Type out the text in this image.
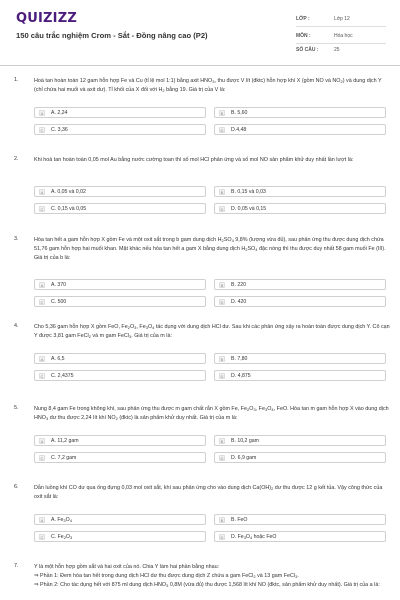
QUIZIZZ
150 câu trắc nghiệm Crom - Sắt - Đồng nâng cao (P2)
LỚP :	Lớp 12
MÔN :	Hóa học
SỐ CÂU :	25
1.	Hoà tan hoàn toàn 12 gam hỗn hợp Fe và Cu (tỉ lệ mol 1:1) bằng axit $HNO_3$, thu được V lít (đktc) hỗn hợp khí X (gồm NO và $NO_2$) và dung dịch Y (chỉ chứa hai muối và axit dư). Tỉ khối của X đối với $H_2$ bằng 19. Giá trị của V là:
A	A. 2,24	B	B. 5,60
C	C. 3,36	D	D.4,48
2.	Khi hoà tan hoàn toàn 0,05 mol Au bằng nước cường toan thì số mol HCl phản ứng và số mol NO sản phẩm khử duy nhất lần lượt là:
A	A. 0,05 và 0,02	B	B. 0,15 và 0,03
C	C. 0,15 và 0,05	D	D. 0,05 và 0,15
3.	Hòa tan hết a gam hỗn hợp X gồm Fe và một oxit sắt trong b gam dung dịch $H_2SO_4$ 9,8% (lượng vừa đủ), sau phản ứng thu được dung dịch chứa 51,76 gam hỗn hợp hai muối khan. Mặt khác nếu hòa tan hết a gam X bằng dung dịch $H_2SO_4$ đặc nóng thì thu được duy nhất 58 gam muối Fe (III). Giá trị của b là:
A	A. 370	B	B. 220
C	C. 500	D	D. 420
4.	Cho 5,36 gam hỗn hợp X gồm FeO, $Fe_2O_3$, $Fe_3O_4$ tác dụng với dung dịch HCl dư. Sau khi các phản ứng xảy ra hoàn toàn được dung dịch Y. Cô cạn Y được 3,81 gam FeCl$_2$ và m gam FeCl$_3$. Giá trị của m là:
A	A. 6,5	B	B. 7,80
C	C. 2,4375	D	D. 4,875
5.	Nung 8,4 gam Fe trong không khí, sau phản ứng thu được m gam chất rắn X gồm Fe, $Fe_2O_3$, $Fe_3O_4$, FeO. Hòa tan m gam hỗn hợp X vào dung dịch $HNO_3$ dư thu được 2,24 lít khí $NO_2$ (đktc) là sản phẩm khử duy nhất. Giá trị của m là:
A	A. 11,2 gam	B	B. 10,2 gam
C	C. 7,2 gam	D	D. 6,9 gam
6.	Dẫn luồng khí CO dư qua ống đựng 0,03 mol oxit sắt, khí sau phản ứng cho vào dung dịch $Ca(OH)_2$ dư thu được 12 g kết tủa. Vậy công thức của oxit sắt là:
A	A. $Fe_3O_4$	B	B. FeO
C	C. $Fe_2O_3$	D	D. $Fe_3O_4$ hoặc FeO
7.	Y là một hỗn hợp gồm sắt và hai oxit của nó. Chia Y làm hai phần bằng nhau:
⇒ Phần 1: Đem hòa tan hết trong dung dịch HCl dư thu được dung dịch Z chứa a gam FeCl$_2$ và 13 gam FeCl$_3$.
⇒ Phần 2: Cho tác dụng hết với 875 ml dung dịch $HNO_3$ 0,8M (vừa đủ) thu được 1,568 lít khí NO (đktc, sản phẩm khử duy nhất). Giá trị của a là:
